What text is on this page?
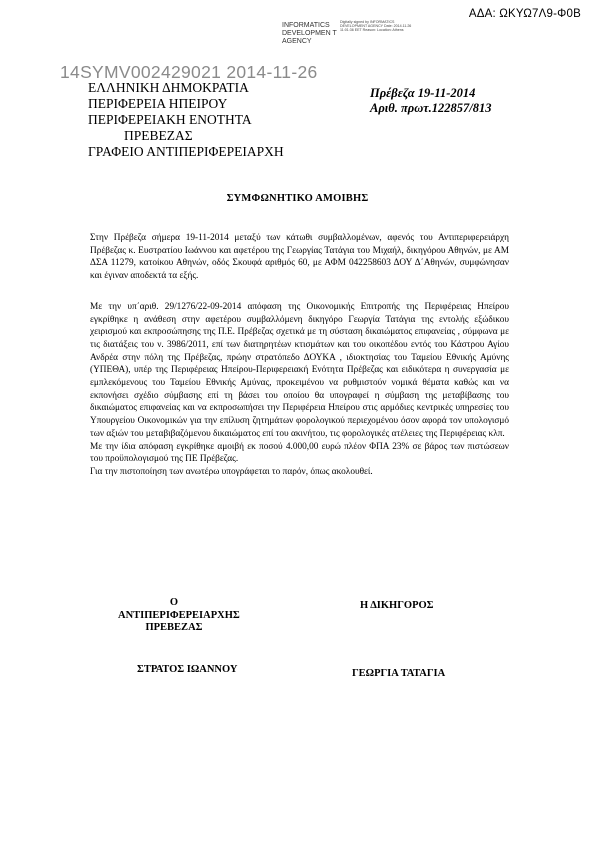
ΑΔΑ: ΩΚΥΩ7Λ9-Φ0Β
INFORMATICS DEVELOPMEN T AGENCY
Digitally signed by INFORMATICS DEVELOPMENT AGENCY Date: 2014.11.26 11:01:36 EET Reason: Location: Athens
14SYMV002429021 2014-11-26
ΕΛΛΗΝΙΚΗ ΔΗΜΟΚΡΑΤΙΑ
ΠΕΡΙΦΕΡΕΙΑ ΗΠΕΙΡΟΥ
ΠΕΡΙΦΕΡΕΙΑΚΗ ΕΝΟΤΗΤΑ
ΠΡΕΒΕΖΑΣ
ΓΡΑΦΕΙΟ ΑΝΤΙΠΕΡΙΦΕΡΕΙΑΡΧΗ
Πρέβεζα 19-11-2014
Αριθ. πρωτ.122857/813
ΣΥΜΦΩΝΗΤΙΚΟ ΑΜΟΙΒΗΣ

Στην Πρέβεζα σήμερα 19-11-2014 μεταξύ των κάτωθι συμβαλλομένων, αφενός του Αντιπεριφερειάρχη Πρέβεζας κ. Ευστρατίου Ιωάννου και αφετέρου της Γεωργίας Τατάγια του Μιχαήλ, δικηγόρου Αθηνών, με ΑΜ ΔΣΑ 11279, κατοίκου Αθηνών, οδός Σκουφά αριθμός 60, με ΑΦΜ 042258603 ΔΟΥ Δ΄Αθηνών, συμφώνησαν και έγιναν αποδεκτά τα εξής.

Με την υπ΄αριθ. 29/1276/22-09-2014 απόφαση της Οικονομικής Επιτροπής της Περιφέρειας Ηπείρου εγκρίθηκε η ανάθεση στην αφετέρου συμβαλλόμενη δικηγόρο Γεωργία Τατάγια της εντολής εξώδικου χειρισμού και εκπροσώπησης της Π.Ε. Πρέβεζας σχετικά με τη σύσταση δικαιώματος επιφανείας , σύμφωνα με τις διατάξεις του ν. 3986/2011, επί των διατηρητέων κτισμάτων και του οικοπέδου εντός του Κάστρου Αγίου Ανδρέα στην πόλη της Πρέβεζας, πρώην στρατόπεδο ΔΟΥΚΑ , ιδιοκτησίας του Ταμείου Εθνικής Αμύνης (ΥΠΕΘΑ), υπέρ της Περιφέρειας Ηπείρου-Περιφερειακή Ενότητα Πρέβεζας και ειδικότερα η συνεργασία με εμπλεκόμενους του Ταμείου Εθνικής Αμύνας, προκειμένου να ρυθμιστούν νομικά θέματα καθώς και να εκπονήσει σχέδιο σύμβασης επί τη βάσει του οποίου θα υπογραφεί η σύμβαση της μεταβίβασης του δικαιώματος επιφανείας και να εκπροσωπήσει την Περιφέρεια Ηπείρου στις αρμόδιες κεντρικές υπηρεσίες του Υπουργείου Οικονομικών για την επίλυση ζητημάτων φορολογικού περιεχομένου όσον αφορά τον υπολογισμό των αξιών του μεταβιβαζόμενου δικαιώματος επί του ακινήτου, τις φορολογικές ατέλειες της Περιφέρειας κλπ.

Με την ίδια απόφαση εγκρίθηκε αμοιβή εκ ποσού 4.000,00 ευρώ πλέον ΦΠΑ 23% σε βάρος των πιστώσεων του προϋπολογισμού της ΠΕ Πρέβεζας.

Για την πιστοποίηση των ανωτέρω υπογράφεται το παρόν, όπως ακολουθεί.

Ο ΑΝΤΙΠΕΡΙΦΕΡΕΙΑΡΧΗΣ
ΠΡΕΒΕΖΑΣ
Η ΔΙΚΗΓΟΡΟΣ
ΣΤΡΑΤΟΣ ΙΩΑΝΝΟΥ	ΓΕΩΡΓΙΑ ΤΑΤΑΓΙΑ
